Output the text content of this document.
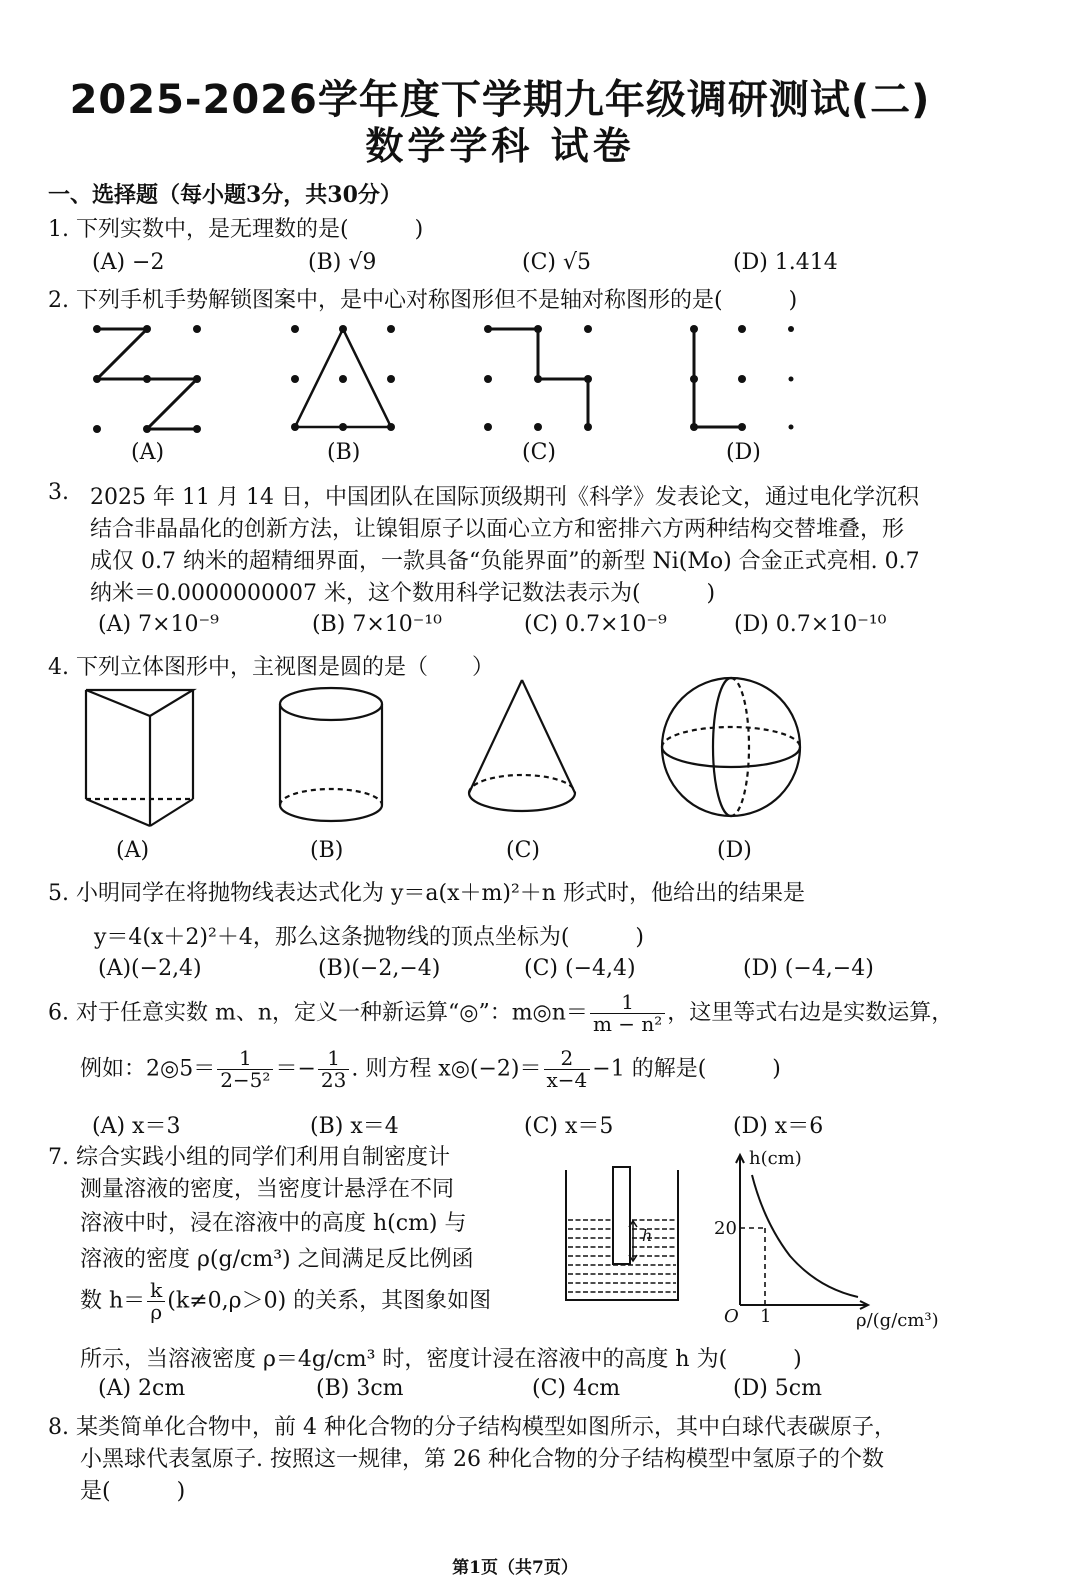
2025-2026学年度下学期九年级调研测试(二)
数学学科 试卷
一、选择题（每小题3分，共30分）
1. 下列实数中，是无理数的是(　　　)
(A) −2	(B) √9	(C) √5	(D) 1.414
2. 下列手机手势解锁图案中，是中心对称图形但不是轴对称图形的是(　　　)
(A)	(B)	(C)	(D)
3. 2025 年 11 月 14 日，中国团队在国际顶级期刊《科学》发表论文，通过电化学沉积
结合非晶晶化的创新方法，让镍钼原子以面心立方和密排六方两种结构交替堆叠，形
成仅 0.7 纳米的超精细界面，一款具备“负能界面”的新型 Ni(Mo) 合金正式亮相. 0.7
纳米＝0.0000000007 米，这个数用科学记数法表示为(　　　)
(A) 7×10⁻⁹	(B) 7×10⁻¹⁰	(C) 0.7×10⁻⁹	(D) 0.7×10⁻¹⁰
4. 下列立体图形中，主视图是圆的是（　　）
(A)	(B)	(C)	(D)
5. 小明同学在将抛物线表达式化为 y＝a(x＋m)²＋n 形式时，他给出的结果是
y＝4(x＋2)²＋4，那么这条抛物线的顶点坐标为(　　　)
(A)(−2,4)	(B)(−2,−4)	(C) (−4,4)	(D) (−4,−4)
6. 对于任意实数 m、n，定义一种新运算“◎”：m◎n＝ $\frac{1}{\text{m − n²}}$ ，这里等式右边是实数运算，
例如：2◎5＝ $\frac{1}{\text{2−5²}} =- \frac{1}{23}$ . 则方程 x◎(−2)＝ $\frac{2}{x-4} -1$ 的解是(　　　)
(A) x＝3	(B) x＝4	(C) x＝5	(D) x＝6
7. 综合实践小组的同学们利用自制密度计
测量溶液的密度，当密度计悬浮在不同
溶液中时，浸在溶液中的高度 h(cm) 与
溶液的密度 ρ(g/cm³) 之间满足反比例函
数 $h= \frac{k}{\rho} (k\ne 0,\rho>0)$ 的关系，其图象如图
所示，当溶液密度 ρ＝4g/cm³ 时，密度计浸在溶液中的高度 h 为(　　　)
(A) 2cm	(B) 3cm	(C) 4cm	(D) 5cm
h
h(cm)
20
O 1	ρ/(g/cm³)
8. 某类简单化合物中，前 4 种化合物的分子结构模型如图所示，其中白球代表碳原子，
小黑球代表氢原子. 按照这一规律，第 26 种化合物的分子结构模型中氢原子的个数
是(　　　)
第1页（共7页）
